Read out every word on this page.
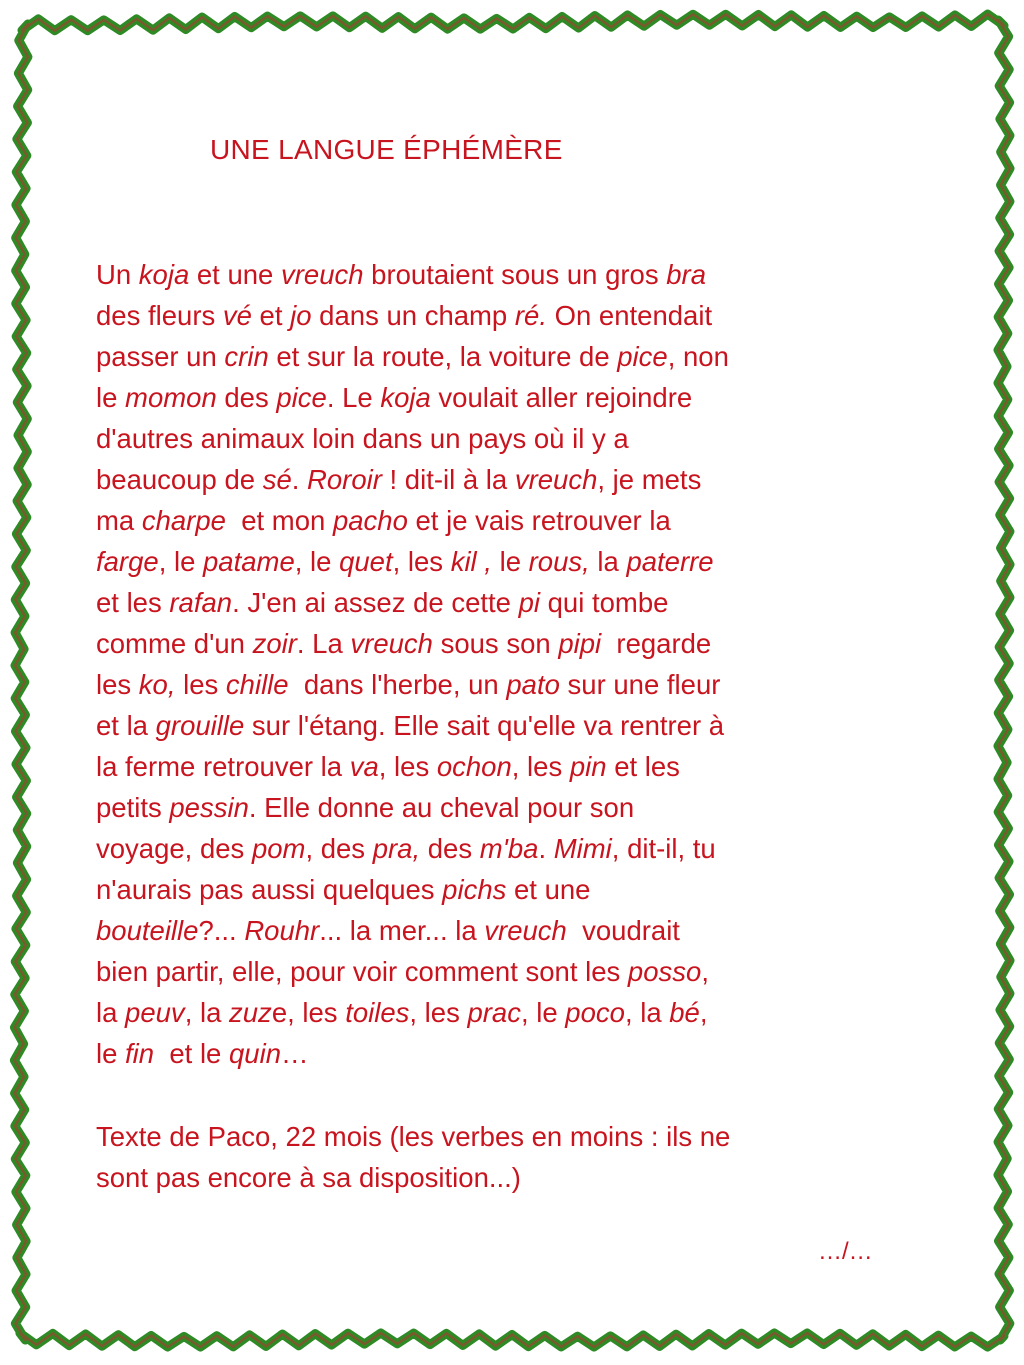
UNE LANGUE ÉPHÉMÈRE
Un koja et une vreuch broutaient sous un gros bra
des fleurs vé et jo dans un champ ré. On entendait
passer un crin et sur la route, la voiture de pice, non
le momon des pice. Le koja voulait aller rejoindre
d'autres animaux loin dans un pays où il y a
beaucoup de sé. Roroir ! dit-il à la vreuch, je mets
ma charpe  et mon pacho et je vais retrouver la
farge, le patame, le quet, les kil , le rous, la paterre
et les rafan. J'en ai assez de cette pi qui tombe
comme d'un zoir. La vreuch sous son pipi  regarde
les ko, les chille  dans l'herbe, un pato sur une fleur
et la grouille sur l'étang. Elle sait qu'elle va rentrer à
la ferme retrouver la va, les ochon, les pin et les
petits pessin. Elle donne au cheval pour son
voyage, des pom, des pra, des m'ba. Mimi, dit-il, tu
n'aurais pas aussi quelques pichs et une
bouteille?... Rouhr... la mer... la vreuch  voudrait
bien partir, elle, pour voir comment sont les posso,
la peuv, la zuze, les toiles, les prac, le poco, la bé,
le fin  et le quin…
Texte de Paco, 22 mois (les verbes en moins : ils ne
sont pas encore à sa disposition...)
…/…
